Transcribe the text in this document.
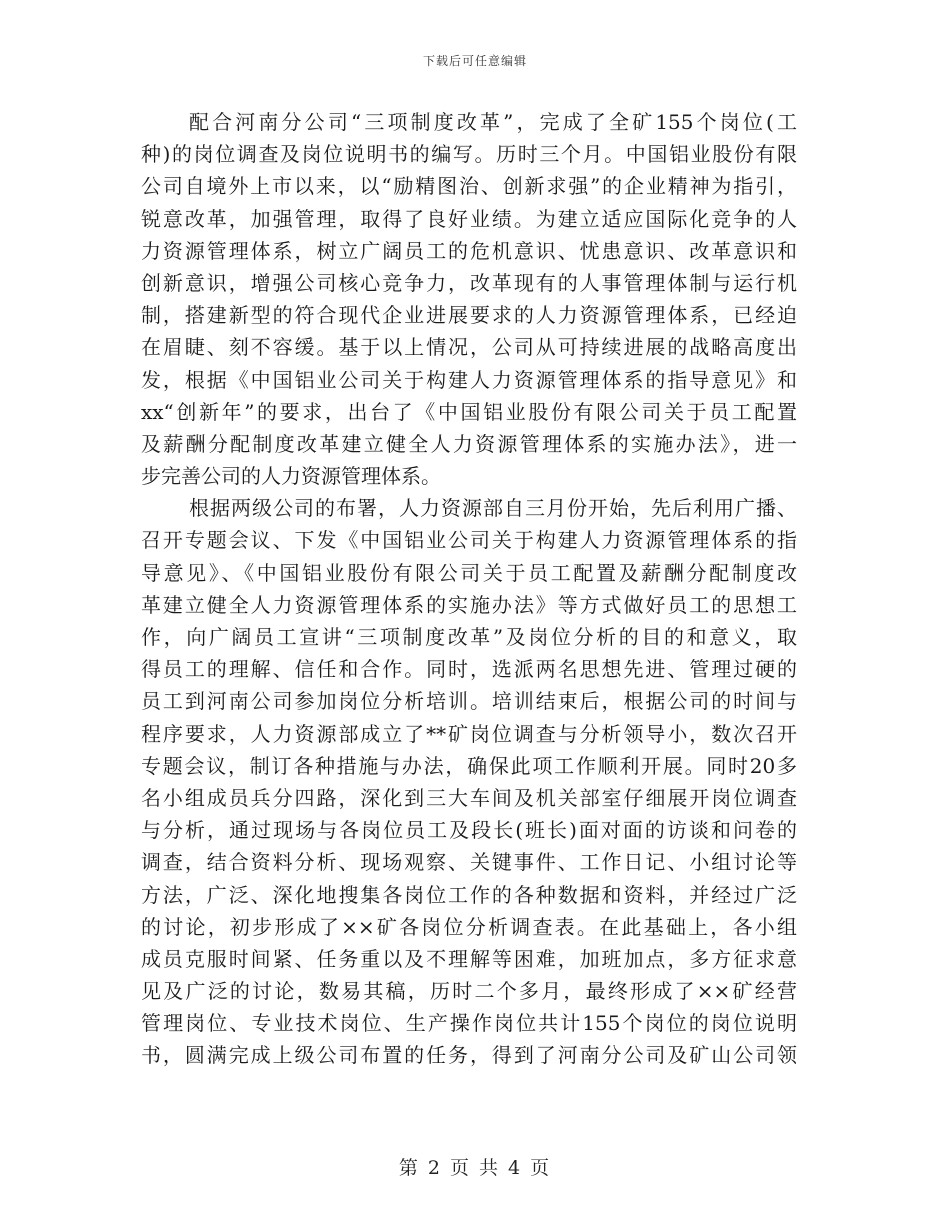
下载后可任意编辑
配合河南分公司“三项制度改革”，完成了全矿155个岗位(工
种)的岗位调查及岗位说明书的编写。历时三个月。中国铝业股份有限
公司自境外上市以来，以“励精图治、创新求强”的企业精神为指引，
锐意改革，加强管理，取得了良好业绩。为建立适应国际化竞争的人
力资源管理体系，树立广阔员工的危机意识、忧患意识、改革意识和
创新意识，增强公司核心竞争力，改革现有的人事管理体制与运行机
制，搭建新型的符合现代企业进展要求的人力资源管理体系，已经迫
在眉睫、刻不容缓。基于以上情况，公司从可持续进展的战略高度出
发，根据《中国铝业公司关于构建人力资源管理体系的指导意见》和
xx“创新年”的要求，出台了《中国铝业股份有限公司关于员工配置
及薪酬分配制度改革建立健全人力资源管理体系的实施办法》，进一
步完善公司的人力资源管理体系。
根据两级公司的布署，人力资源部自三月份开始，先后利用广播、
召开专题会议、下发《中国铝业公司关于构建人力资源管理体系的指
导意见》、《中国铝业股份有限公司关于员工配置及薪酬分配制度改
革建立健全人力资源管理体系的实施办法》等方式做好员工的思想工
作，向广阔员工宣讲“三项制度改革”及岗位分析的目的和意义，取
得员工的理解、信任和合作。同时，选派两名思想先进、管理过硬的
员工到河南公司参加岗位分析培训。培训结束后，根据公司的时间与
程序要求，人力资源部成立了**矿岗位调查与分析领导小，数次召开
专题会议，制订各种措施与办法，确保此项工作顺利开展。同时20多
名小组成员兵分四路，深化到三大车间及机关部室仔细展开岗位调查
与分析，通过现场与各岗位员工及段长(班长)面对面的访谈和问卷的
调查，结合资料分析、现场观察、关键事件、工作日记、小组讨论等
方法，广泛、深化地搜集各岗位工作的各种数据和资料，并经过广泛
的讨论，初步形成了××矿各岗位分析调查表。在此基础上，各小组
成员克服时间紧、任务重以及不理解等困难，加班加点，多方征求意
见及广泛的讨论，数易其稿，历时二个多月，最终形成了××矿经营
管理岗位、专业技术岗位、生产操作岗位共计155个岗位的岗位说明
书，圆满完成上级公司布置的任务，得到了河南分公司及矿山公司领
第 2 页 共 4 页
